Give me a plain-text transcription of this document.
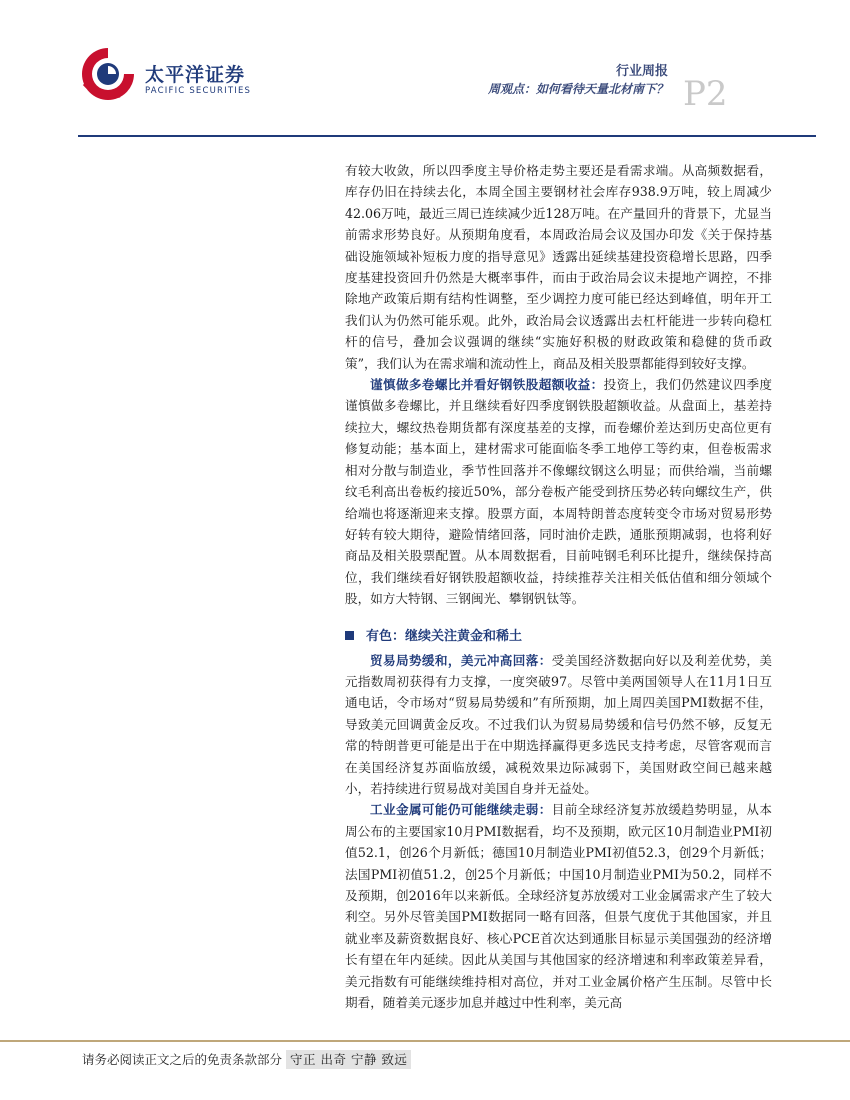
太平洋证券
PACIFIC SECURITIES
行业周报
周观点：如何看待天量北材南下？ P2

有较大收敛，所以四季度主导价格走势主要还是看需求端。从高频数据看，库存仍旧在持续去化，本周全国主要钢材社会库存938.9万吨，较上周减少42.06万吨，最近三周已连续减少近128万吨。在产量回升的背景下，尤显当前需求形势良好。从预期角度看，本周政治局会议及国办印发《关于保持基础设施领域补短板力度的指导意见》透露出延续基建投资稳增长思路，四季度基建投资回升仍然是大概率事件，而由于政治局会议未提地产调控，不排除地产政策后期有结构性调整，至少调控力度可能已经达到峰值，明年开工我们认为仍然可能乐观。此外，政治局会议透露出去杠杆能进一步转向稳杠杆的信号，叠加会议强调的继续“实施好积极的财政政策和稳健的货币政策”，我们认为在需求端和流动性上，商品及相关股票都能得到较好支撑。

谨慎做多卷螺比并看好钢铁股超额收益：投资上，我们仍然建议四季度谨慎做多卷螺比，并且继续看好四季度钢铁股超额收益。从盘面上，基差持续拉大，螺纹热卷期货都有深度基差的支撑，而卷螺价差达到历史高位更有修复动能；基本面上，建材需求可能面临冬季工地停工等约束，但卷板需求相对分散与制造业，季节性回落并不像螺纹钢这么明显；而供给端，当前螺纹毛利高出卷板约接近50%，部分卷板产能受到挤压势必转向螺纹生产，供给端也将逐渐迎来支撑。股票方面，本周特朗普态度转变令市场对贸易形势好转有较大期待，避险情绪回落，同时油价走跌，通胀预期减弱，也将利好商品及相关股票配置。从本周数据看，目前吨钢毛利环比提升，继续保持高位，我们继续看好钢铁股超额收益，持续推荐关注相关低估值和细分领域个股，如方大特钢、三钢闽光、攀钢钒钛等。

有色：继续关注黄金和稀土

贸易局势缓和，美元冲高回落：受美国经济数据向好以及利差优势，美元指数周初获得有力支撑，一度突破97。尽管中美两国领导人在11月1日互通电话，令市场对“贸易局势缓和”有所预期，加上周四美国PMI数据不佳，导致美元回调黄金反攻。不过我们认为贸易局势缓和信号仍然不够，反复无常的特朗普更可能是出于在中期选择赢得更多选民支持考虑，尽管客观而言在美国经济复苏面临放缓，减税效果边际减弱下，美国财政空间已越来越小，若持续进行贸易战对美国自身并无益处。

工业金属可能仍可能继续走弱：目前全球经济复苏放缓趋势明显，从本周公布的主要国家10月PMI数据看，均不及预期，欧元区10月制造业PMI初值52.1，创26个月新低；德国10月制造业PMI初值52.3，创29个月新低；法国PMI初值51.2，创25个月新低；中国10月制造业PMI为50.2，同样不及预期，创2016年以来新低。全球经济复苏放缓对工业金属需求产生了较大利空。另外尽管美国PMI数据同一略有回落，但景气度优于其他国家，并且就业率及薪资数据良好、核心PCE首次达到通胀目标显示美国强劲的经济增长有望在年内延续。因此从美国与其他国家的经济增速和利率政策差异看，美元指数有可能继续维持相对高位，并对工业金属价格产生压制。尽管中长期看，随着美元逐步加息并越过中性利率，美元高

请务必阅读正文之后的免责条款部分 守正 出奇 宁静 致远
